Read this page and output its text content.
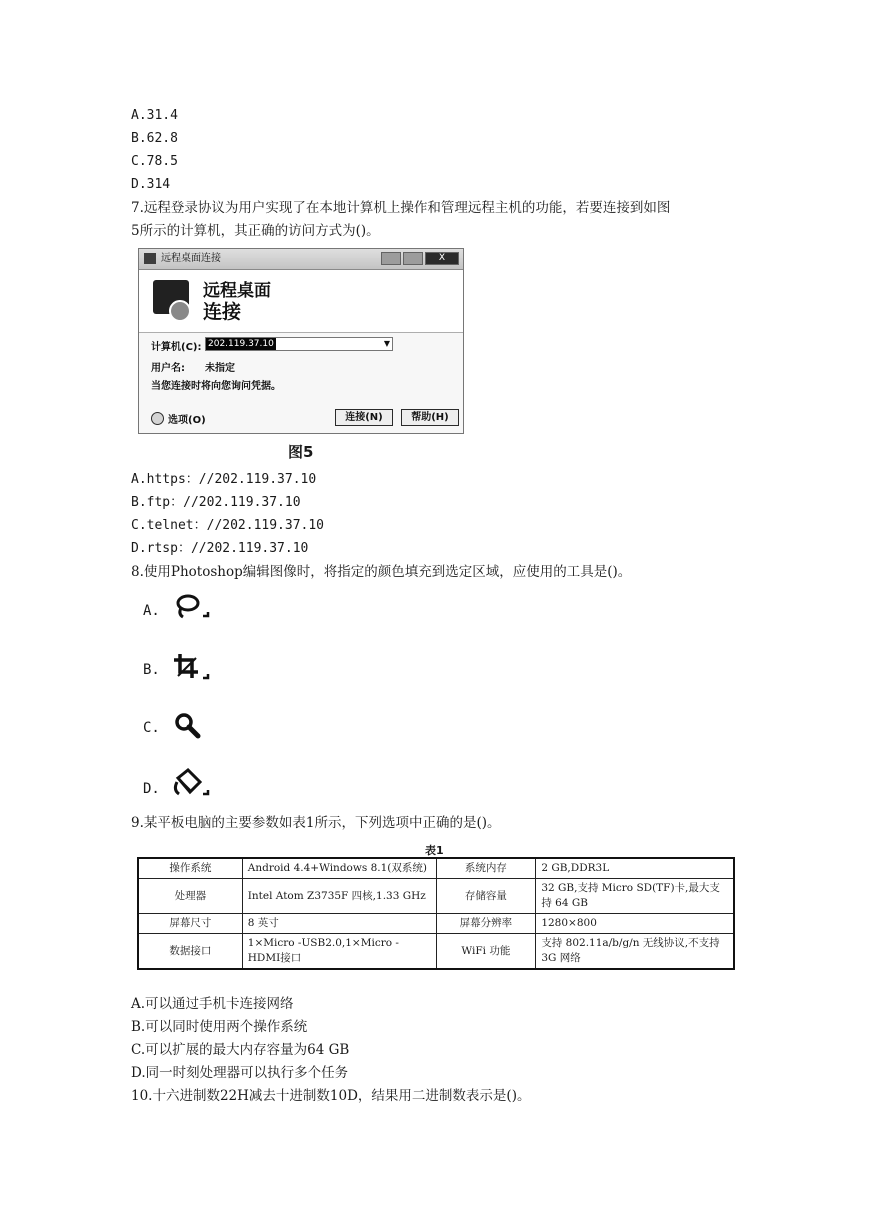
A.31.4
B.62.8
C.78.5
D.314
7.远程登录协议为用户实现了在本地计算机上操作和管理远程主机的功能，若要连接到如图
5所示的计算机，其正确的访问方式为()。
远程桌面连接	X
远程桌面
连接
计算机(C): 202.119.37.10	▼
用户名: 未指定
当您连接时将向您询问凭据。
选项(O)	连接(N)	帮助(H)
图5
A.https：//202.119.37.10
B.ftp：//202.119.37.10
C.telnet：//202.119.37.10
D.rtsp：//202.119.37.10
8.使用Photoshop编辑图像时，将指定的颜色填充到选定区域，应使用的工具是()。
A.
B.
C.
D.
9.某平板电脑的主要参数如表1所示，下列选项中正确的是()。
表1
操作系统	Android 4.4+Windows 8.1(双系统)	系统内存	2 GB,DDR3L
处理器	Intel Atom Z3735F 四核,1.33 GHz	存储容量	32 GB,支持 Micro SD(TF)卡,最大支持 64 GB
屏幕尺寸	8 英寸	屏幕分辨率	1280×800
数据接口	1×Micro -USB2.0,1×Micro -HDMI接口	WiFi 功能	支持 802.11a/b/g/n 无线协议,不支持 3G 网络
A.可以通过手机卡连接网络
B.可以同时使用两个操作系统
C.可以扩展的最大内存容量为64 GB
D.同一时刻处理器可以执行多个任务
10.十六进制数22H减去十进制数10D，结果用二进制数表示是()。
